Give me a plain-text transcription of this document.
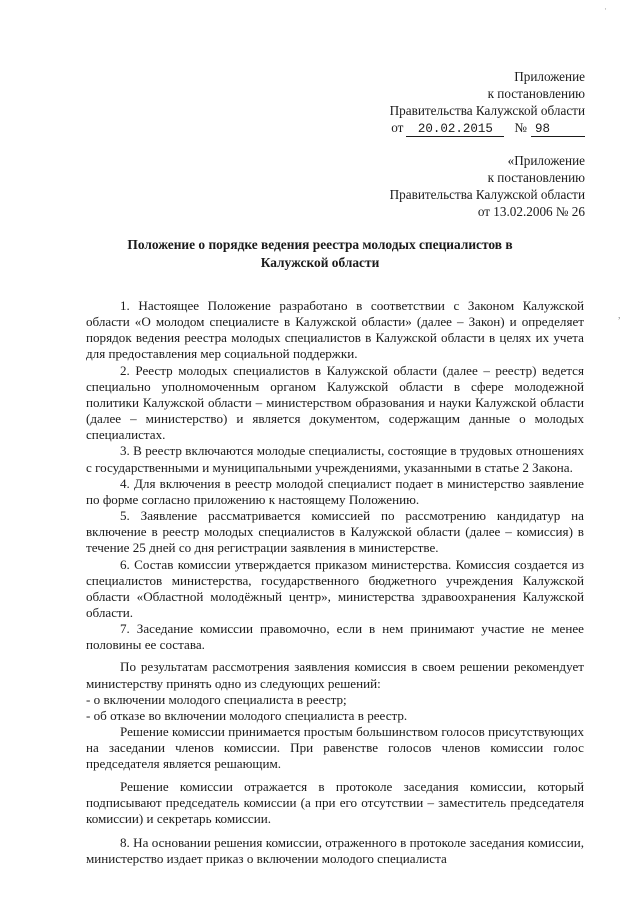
·
Приложение
к постановлению
Правительства Калужской области
от 20.02.2015 № 98
«Приложение
к постановлению
Правительства Калужской области
от 13.02.2006 № 26
Положение о порядке ведения реестра молодых специалистов в
Калужской области

1. Настоящее Положение разработано в соответствии с Законом Калужской области «О молодом специалисте в Калужской области» (далее – Закон) и определяет порядок ведения реестра молодых специалистов в Калужской области в целях их учета для предоставления мер социальной поддержки.

2. Реестр молодых специалистов в Калужской области (далее – реестр) ведется специально уполномоченным органом Калужской области в сфере молодежной политики Калужской области – министерством образования и науки Калужской области (далее – министерство) и является документом, содержащим данные о молодых специалистах.

3. В реестр включаются молодые специалисты, состоящие в трудовых отношениях с государственными и муниципальными учреждениями, указанными в статье 2 Закона.

4. Для включения в реестр молодой специалист подает в министерство заявление по форме согласно приложению к настоящему Положению.

5. Заявление рассматривается комиссией по рассмотрению кандидатур на включение в реестр молодых специалистов в Калужской области (далее – комиссия) в течение 25 дней со дня регистрации заявления в министерстве.

6. Состав комиссии утверждается приказом министерства. Комиссия создается из специалистов министерства, государственного бюджетного учреждения Калужской области «Областной молодёжный центр», министерства здравоохранения Калужской области.

7. Заседание комиссии правомочно, если в нем принимают участие не менее половины ее состава.

По результатам рассмотрения заявления комиссия в своем решении рекомендует министерству принять одно из следующих решений:

- о включении молодого специалиста в реестр;

- об отказе во включении молодого специалиста в реестр.

Решение комиссии принимается простым большинством голосов присутствующих на заседании членов комиссии. При равенстве голосов членов комиссии голос председателя является решающим.

Решение комиссии отражается в протоколе заседания комиссии, который подписывают председатель комиссии (а при его отсутствии – заместитель председателя комиссии) и секретарь комиссии.

8. На основании решения комиссии, отраженного в протоколе заседания комиссии, министерство издает приказ о включении молодого специалиста

,
